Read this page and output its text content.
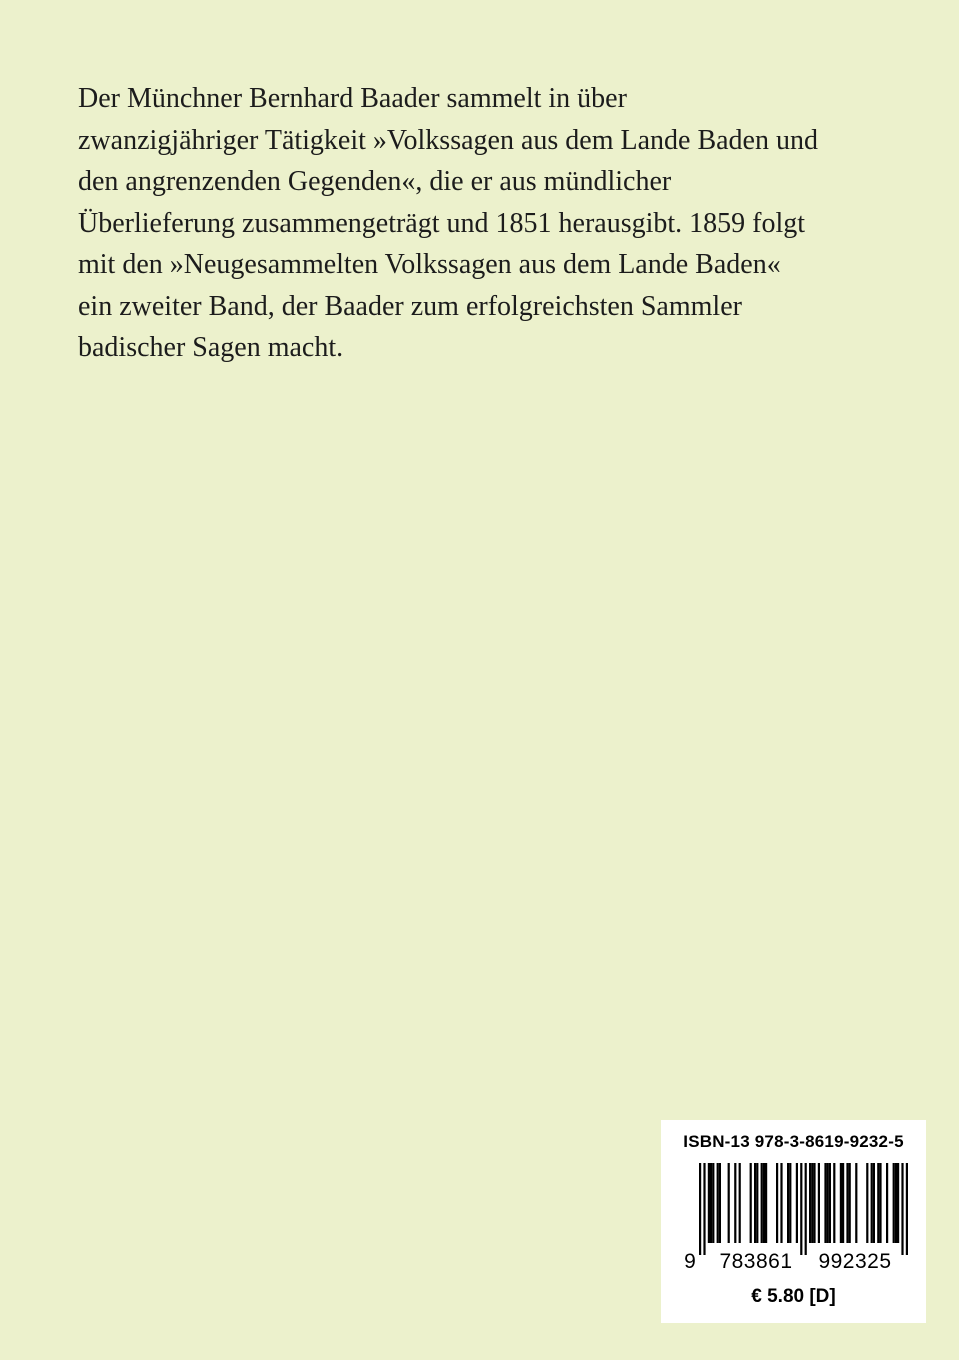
Der Münchner Bernhard Baader sammelt in über
zwanzigjähriger Tätigkeit »Volkssagen aus dem Lande Baden und
den angrenzenden Gegenden«, die er aus mündlicher
Überlieferung zusammengeträgt und 1851 herausgibt. 1859 folgt
mit den »Neugesammelten Volkssagen aus dem Lande Baden«
ein zweiter Band, der Baader zum erfolgreichsten Sammler
badischer Sagen macht.
ISBN-13 978-3-8619-9232-5
9 783861 992325
€ 5.80 [D]
